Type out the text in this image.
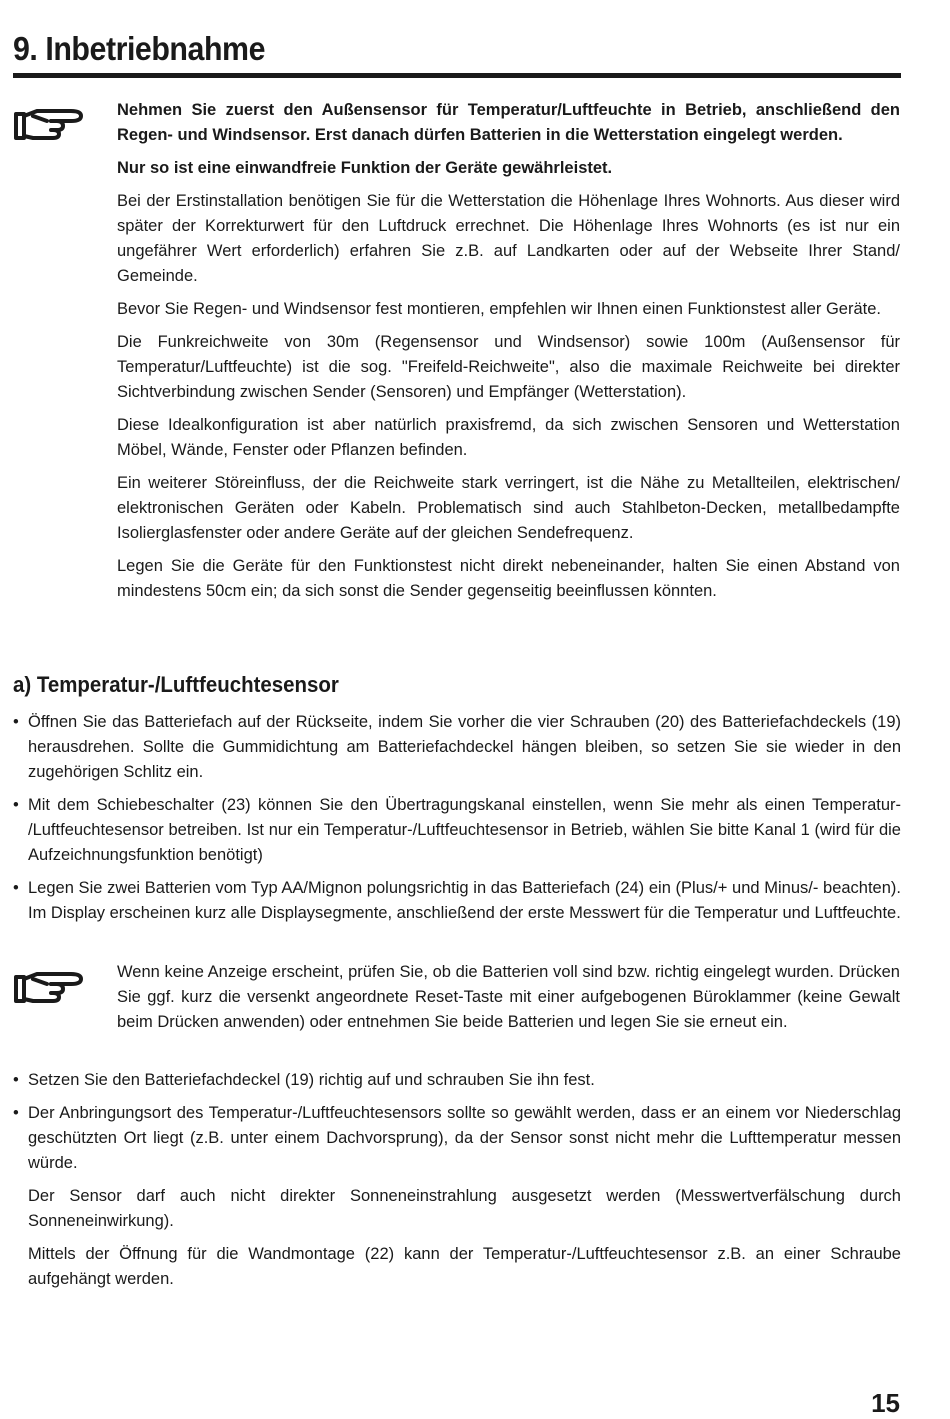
9. Inbetriebnahme

Nehmen Sie zuerst den Außensensor für Temperatur/Luftfeuchte in Betrieb, anschließend den Regen- und Windsensor. Erst danach dürfen Batterien in die Wetterstation eingelegt werden.

Nur so ist eine einwandfreie Funktion der Geräte gewährleistet.

Bei der Erstinstallation benötigen Sie für die Wetterstation die Höhenlage Ihres Wohnorts. Aus dieser wird später der Korrekturwert für den Luftdruck errechnet. Die Höhenlage Ihres Wohnorts (es ist nur ein ungefährer Wert erforderlich) erfahren Sie z.B. auf Landkarten oder auf der Webseite Ihrer Stand/ Gemeinde.

Bevor Sie Regen- und Windsensor fest montieren, empfehlen wir Ihnen einen Funktionstest aller Geräte.

Die Funkreichweite von 30m (Regensensor und Windsensor) sowie 100m (Außensensor für Temperatur/Luftfeuchte) ist die sog. "Freifeld-Reichweite", also die maximale Reichweite bei direkter Sichtverbindung zwischen Sender (Sensoren) und Empfänger (Wetterstation).

Diese Idealkonfiguration ist aber natürlich praxisfremd, da sich zwischen Sensoren und Wetterstation Möbel, Wände, Fenster oder Pflanzen befinden.

Ein weiterer Störeinfluss, der die Reichweite stark verringert, ist die Nähe zu Metallteilen, elektrischen/ elektronischen Geräten oder Kabeln. Problematisch sind auch Stahlbeton-Decken, metallbedampfte Isolierglasfenster oder andere Geräte auf der gleichen Sendefrequenz.

Legen Sie die Geräte für den Funktionstest nicht direkt nebeneinander, halten Sie einen Abstand von mindestens 50cm ein; da sich sonst die Sender gegenseitig beeinflussen könnten.

a) Temperatur-/Luftfeuchtesensor
• Öffnen Sie das Batteriefach auf der Rückseite, indem Sie vorher die vier Schrauben (20) des Batteriefachdeckels (19) herausdrehen. Sollte die Gummidichtung am Batteriefachdeckel hängen bleiben, so setzen Sie sie wieder in den zugehörigen Schlitz ein.
• Mit dem Schiebeschalter (23) können Sie den Übertragungskanal einstellen, wenn Sie mehr als einen Temperatur- /Luftfeuchtesensor betreiben. Ist nur ein Temperatur-/Luftfeuchtesensor in Betrieb, wählen Sie bitte Kanal 1 (wird für die Aufzeichnungsfunktion benötigt)
• Legen Sie zwei Batterien vom Typ AA/Mignon polungsrichtig in das Batteriefach (24) ein (Plus/+ und Minus/- beachten). Im Display erscheinen kurz alle Displaysegmente, anschließend der erste Messwert für die Temperatur und Luftfeuchte.

Wenn keine Anzeige erscheint, prüfen Sie, ob die Batterien voll sind bzw. richtig eingelegt wurden. Drücken Sie ggf. kurz die versenkt angeordnete Reset-Taste mit einer aufgebogenen Büroklammer (keine Gewalt beim Drücken anwenden) oder entnehmen Sie beide Batterien und legen Sie sie erneut ein.

• Setzen Sie den Batteriefachdeckel (19) richtig auf und schrauben Sie ihn fest.
• Der Anbringungsort des Temperatur-/Luftfeuchtesensors sollte so gewählt werden, dass er an einem vor Niederschlag geschützten Ort liegt (z.B. unter einem Dachvorsprung), da der Sensor sonst nicht mehr die Lufttemperatur messen würde.
Der Sensor darf auch nicht direkter Sonneneinstrahlung ausgesetzt werden (Messwertverfälschung durch Sonneneinwirkung).
Mittels der Öffnung für die Wandmontage (22) kann der Temperatur-/Luftfeuchtesensor z.B. an einer Schraube aufgehängt werden.
15
